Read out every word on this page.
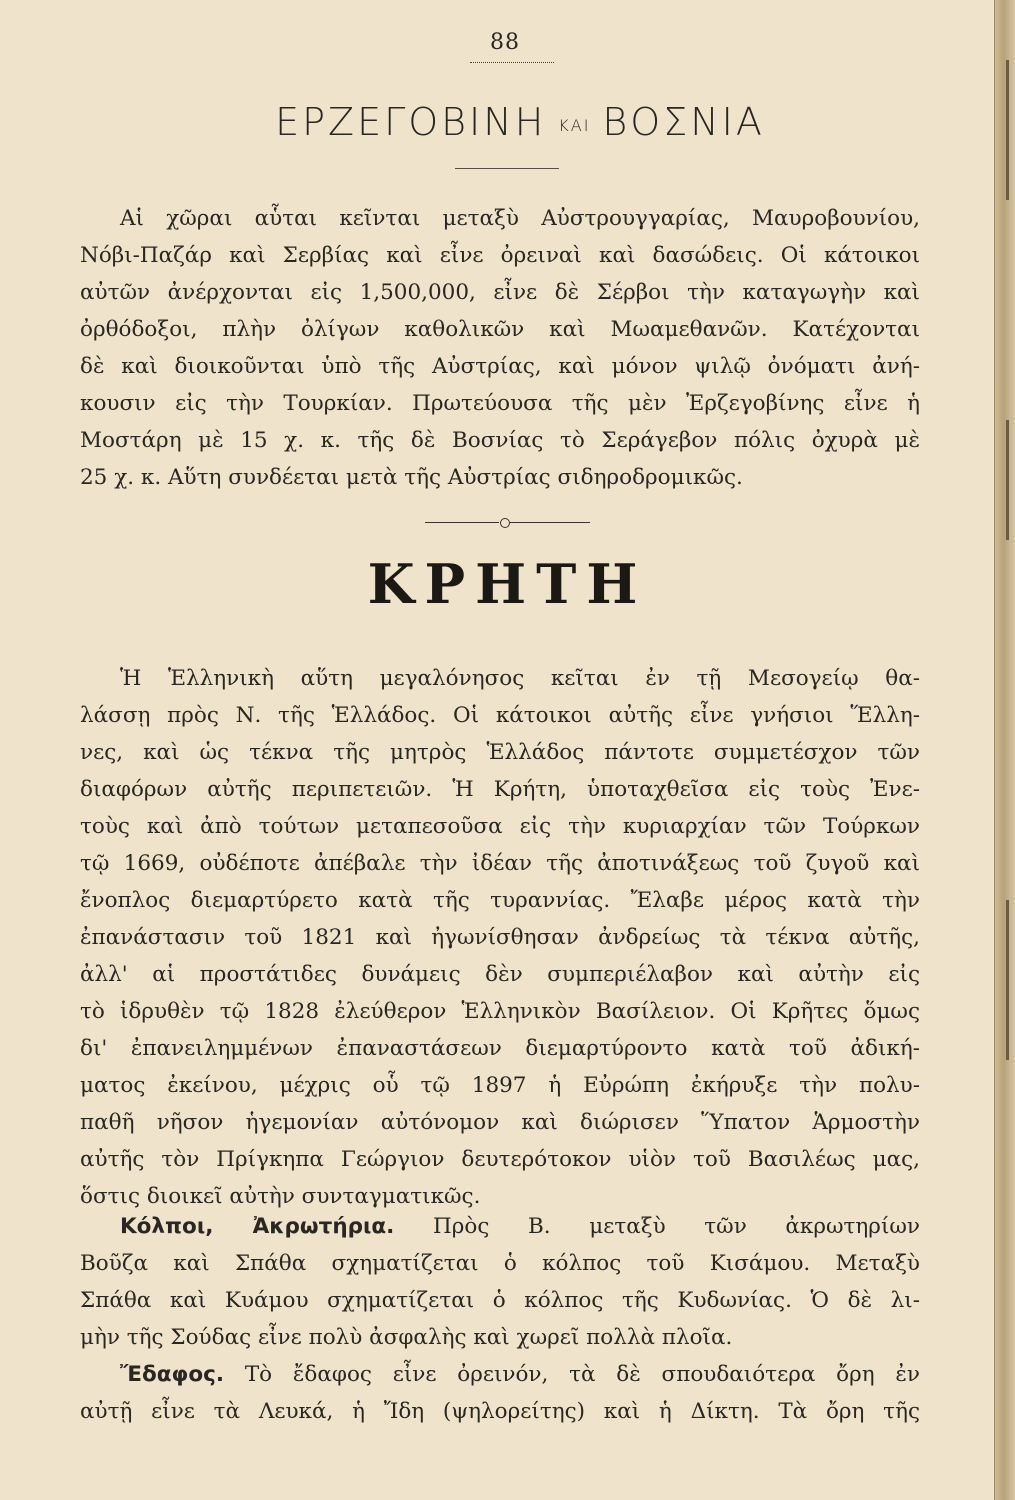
88
ΕΡΖΕΓΟΒΙΝΗ ΚΑΙ ΒΟΣΝΙΑ
Αἱ χῶραι αὗται κεῖνται μεταξὺ Αὐστρουγγαρίας, Μαυροβουνίου,
Νόβι-Παζάρ καὶ Σερβίας καὶ εἶνε ὀρειναὶ καὶ δασώδεις. Οἱ κάτοικοι
αὐτῶν ἀνέρχονται εἰς 1,500,000, εἶνε δὲ Σέρβοι τὴν καταγωγὴν καὶ
ὀρθόδοξοι, πλὴν ὀλίγων καθολικῶν καὶ Μωαμεθανῶν. Κατέχονται
δὲ καὶ διοικοῦνται ὑπὸ τῆς Αὐστρίας, καὶ μόνον ψιλῷ ὀνόματι ἀνή-
κουσιν εἰς τὴν Τουρκίαν. Πρωτεύουσα τῆς μὲν Ἐρζεγοβίνης εἶνε ἡ
Μοστάρη μὲ 15 χ. κ. τῆς δὲ Βοσνίας τὸ Σεράγεβον πόλις ὀχυρὰ μὲ
25 χ. κ. Αὕτη συνδέεται μετὰ τῆς Αὐστρίας σιδηροδρομικῶς.
ΚΡΗΤΗ
Ἡ Ἑλληνικὴ αὕτη μεγαλόνησος κεῖται ἐν τῇ Μεσογείῳ θα-
λάσσῃ πρὸς Ν. τῆς Ἑλλάδος. Οἱ κάτοικοι αὐτῆς εἶνε γνήσιοι Ἕλλη-
νες, καὶ ὡς τέκνα τῆς μητρὸς Ἑλλάδος πάντοτε συμμετέσχον τῶν
διαφόρων αὐτῆς περιπετειῶν. Ἡ Κρήτη, ὑποταχθεῖσα εἰς τοὺς Ἐνε-
τοὺς καὶ ἀπὸ τούτων μεταπεσοῦσα εἰς τὴν κυριαρχίαν τῶν Τούρκων
τῷ 1669, οὐδέποτε ἀπέβαλε τὴν ἰδέαν τῆς ἀποτινάξεως τοῦ ζυγοῦ καὶ
ἔνοπλος διεμαρτύρετο κατὰ τῆς τυραννίας. Ἔλαβε μέρος κατὰ τὴν
ἐπανάστασιν τοῦ 1821 καὶ ἠγωνίσθησαν ἀνδρείως τὰ τέκνα αὐτῆς,
ἀλλ' αἱ προστάτιδες δυνάμεις δὲν συμπεριέλαβον καὶ αὐτὴν εἰς
τὸ ἱδρυθὲν τῷ 1828 ἐλεύθερον Ἑλληνικὸν Βασίλειον. Οἱ Κρῆτες ὅμως
δι' ἐπανειλημμένων ἐπαναστάσεων διεμαρτύροντο κατὰ τοῦ ἀδική-
ματος ἐκείνου, μέχρις οὗ τῷ 1897 ἡ Εὐρώπη ἐκήρυξε τὴν πολυ-
παθῆ νῆσον ἡγεμονίαν αὐτόνομον καὶ διώρισεν Ὕπατον Ἁρμοστὴν
αὐτῆς τὸν Πρίγκηπα Γεώργιον δευτερότοκον υἱὸν τοῦ Βασιλέως μας,
ὅστις διοικεῖ αὐτὴν συνταγματικῶς.
Κόλποι, Ἀκρωτήρια. Πρὸς Β. μεταξὺ τῶν ἀκρωτηρίων
Βοῦζα καὶ Σπάθα σχηματίζεται ὁ κόλπος τοῦ Κισάμου. Μεταξὺ
Σπάθα καὶ Κυάμου σχηματίζεται ὁ κόλπος τῆς Κυδωνίας. Ὁ δὲ λι-
μὴν τῆς Σούδας εἶνε πολὺ ἀσφαλὴς καὶ χωρεῖ πολλὰ πλοῖα.
Ἔδαφος. Τὸ ἔδαφος εἶνε ὀρεινόν, τὰ δὲ σπουδαιότερα ὄρη ἐν
αὐτῇ εἶνε τὰ Λευκά, ἡ Ἴδη (ψηλορείτης) καὶ ἡ Δίκτη. Τὰ ὄρη τῆς
